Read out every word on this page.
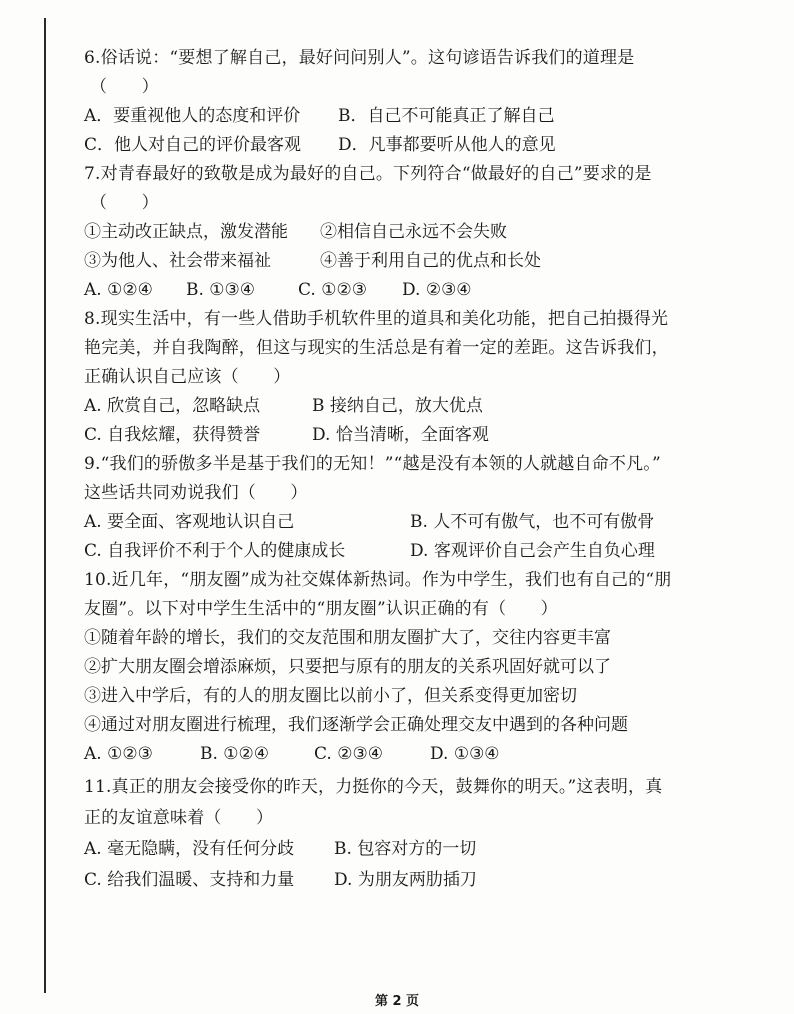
6.俗话说：“要想了解自己，最好问问别人”。这句谚语告诉我们的道理是
（　　）
A．要重视他人的态度和评价 B．自己不可能真正了解自己
C．他人对自己的评价最客观 D．凡事都要听从他人的意见
7.对青春最好的致敬是成为最好的自己。下列符合“做最好的自己”要求的是
（　　）
①主动改正缺点，激发潜能 ②相信自己永远不会失败
③为他人、社会带来福祉	④善于利用自己的优点和长处
A. ①②④ B. ①③④	C. ①②③ D. ②③④
8.现实生活中，有一些人借助手机软件里的道具和美化功能，把自己拍摄得光
艳完美，并自我陶醉，但这与现实的生活总是有着一定的差距。这告诉我们，
正确认识自己应该（　　）
A. 欣赏自己，忽略缺点	B 接纳自己，放大优点
C. 自我炫耀，获得赞誉	D. 恰当清晰，全面客观
9.“我们的骄傲多半是基于我们的无知！”“越是没有本领的人就越自命不凡。”
这些话共同劝说我们（　　）
A. 要全面、客观地认识自己	B. 人不可有傲气，也不可有傲骨
C. 自我评价不利于个人的健康成长	D. 客观评价自己会产生自负心理
10.近几年，“朋友圈”成为社交媒体新热词。作为中学生，我们也有自己的“朋
友圈”。以下对中学生生活中的“朋友圈”认识正确的有（　　）
①随着年龄的增长，我们的交友范围和朋友圈扩大了，交往内容更丰富
②扩大朋友圈会增添麻烦，只要把与原有的朋友的关系巩固好就可以了
③进入中学后，有的人的朋友圈比以前小了，但关系变得更加密切
④通过对朋友圈进行梳理，我们逐渐学会正确处理交友中遇到的各种问题
A. ①②③	B. ①②④	C. ②③④	D. ①③④
11.真正的朋友会接受你的昨天，力挺你的今天，鼓舞你的明天。”这表明，真
正的友谊意味着（　　）
A. 毫无隐瞒，没有任何分歧 B. 包容对方的一切
C. 给我们温暖、支持和力量 D. 为朋友两肋插刀
第 2 页
